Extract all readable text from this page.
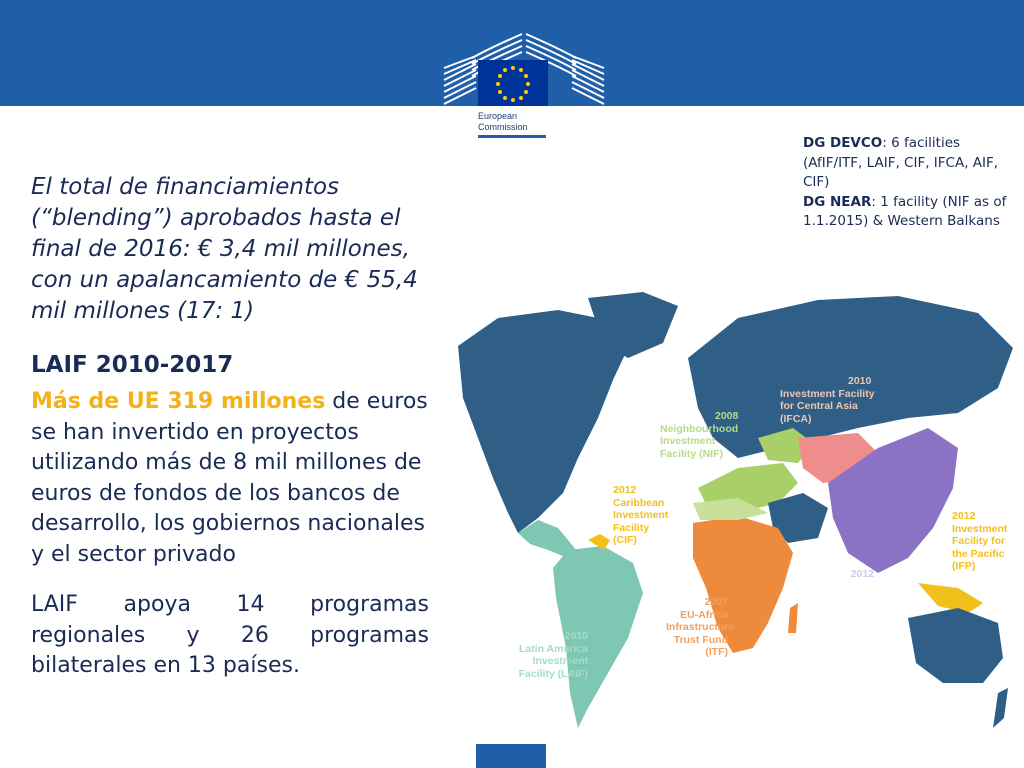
European
Commission

El total de financiamientos (“blending”) aprobados hasta el final de 2016: € 3,4 mil millones, con un apalancamiento de € 55,4 mil millones (17: 1)

LAIF 2010-2017
Más de UE 319 millones de euros se han invertido en proyectos utilizando más de 8 mil millones de euros de fondos de los bancos de desarrollo, los gobiernos nacionales y el sector privado
LAIF apoya 14 programas regionales y 26 programas bilaterales en 13 países.
DG DEVCO: 6 facilities (AfIF/ITF, LAIF, CIF, IFCA, AIF, CIF)
DG NEAR: 1 facility (NIF as of 1.1.2015) & Western Balkans
2010
Investment Facility for Central Asia (IFCA)
2008
Neighbourhood Investment Facility (NIF)
2012
Caribbean Investment Facility (CIF)
2012
Investment Facility for the Pacific (IFP)
2012
Asian Investment Facility (AIF)
2007
EU-Africa Infrastructure Trust Fund (ITF)
2010
Latin America Investment Facility (LAIF)
